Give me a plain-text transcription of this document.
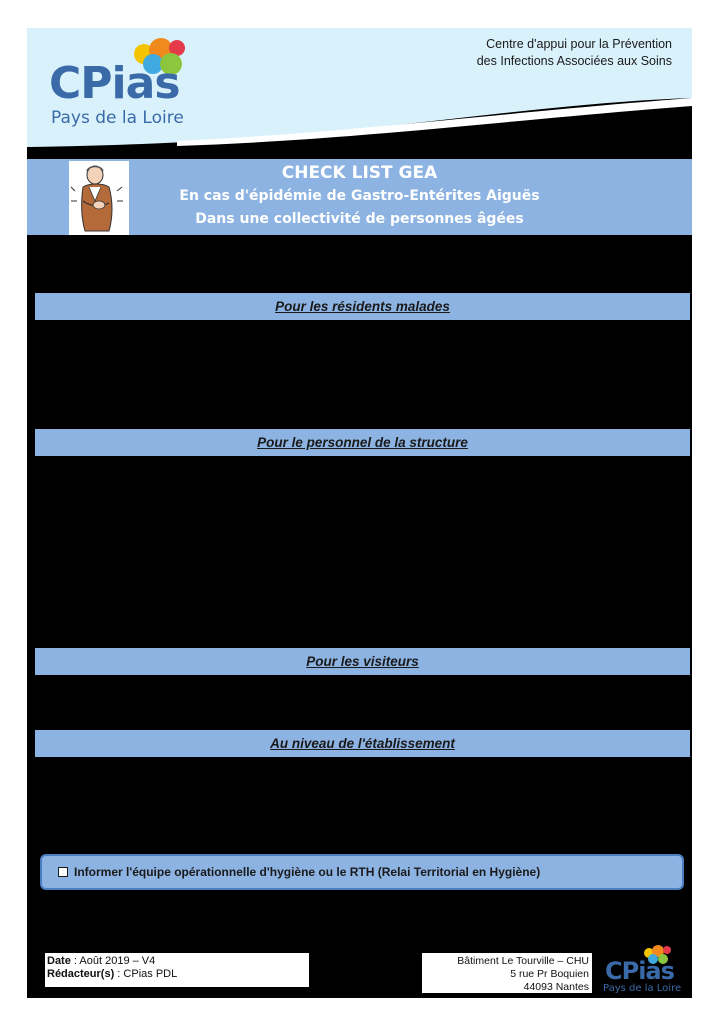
CPias
Pays de la Loire
Centre d'appui pour la Prévention
des Infections Associées aux Soins
CHECK LIST GEA
En cas d'épidémie de Gastro-Entérites Aiguës
Dans une collectivité de personnes âgées
Pour les résidents malades
Pour le personnel de la structure
Pour les visiteurs
Au niveau de l'établissement
Informer l'équipe opérationnelle d'hygiène ou le RTH (Relai Territorial en Hygiène)
Date : Août 2019 – V4
Rédacteur(s) : CPias PDL
Bâtiment Le Tourville – CHU
5 rue Pr Boquien
44093 Nantes
CPias
Pays de la Loire
